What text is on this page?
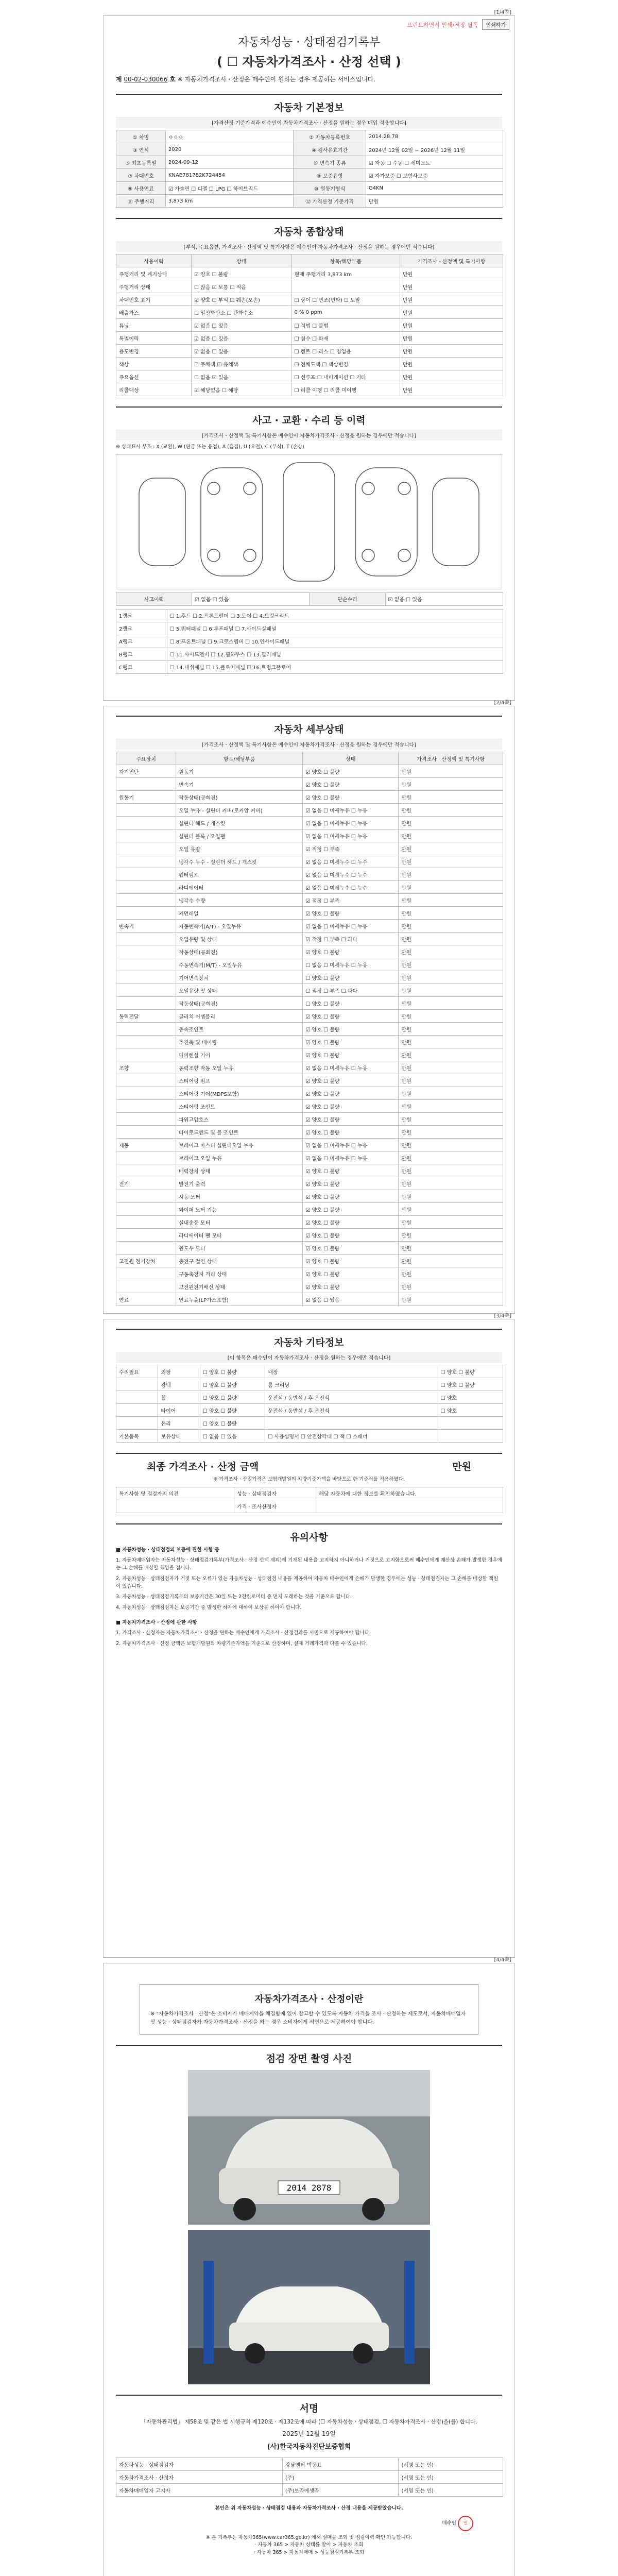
[1/4쪽]
프린트하면서 인쇄/저장 필독	인쇄하기
자동차성능 · 상태점검기록부
( ☐ 자동차가격조사 · 산정 선택 )
제 00-02-030066 호 ※ 자동차가격조사 · 산정은 매수인이 원하는 경우 제공하는 서비스입니다.
자동차 기본정보
[가격산정 기준가격과 예수인이 자동차가격조사 · 산정을 원하는 경우 매입 적용합니다]
① 차명	ㅇㅇㅇ	② 자동차등록번호	2014.28.78
③ 연식	2020	④ 검사유효기간	2024년 12월 02일 ~ 2026년 12월 11일
⑤ 최초등록일	2024-09-12	⑥ 변속기 종류	☑ 자동 ☐ 수동 ☐ 세미오토
⑦ 차대번호	KNAE781782K724454	⑧ 보증유형	☑ 자가보증 ☐ 보험사보증
⑨ 사용연료	☑ 가솔린 ☐ 디젤 ☐ LPG ☐ 하이브리드	⑩ 원동기형식	G4KN
⑪ 주행거리	3,873 km	⑫ 가격산정 기준가격	만원
자동차 종합상태
[부식, 주요옵션, 가격조사 · 산정액 및 특기사항은 예수인이 자동차가격조사 · 산정을 원하는 경우에만 적습니다]
사용이력	상태	항목/해당부품	가격조사 · 산정액 및 특기사항
주행거리 및 계기상태	☑ 양호 ☐ 불량	현재 주행거리 3,873 km	만원
주행거리 상태	☐ 많음 ☑ 보통 ☐ 적음		만원
차대번호 표기	☑ 양호 ☐ 부식 ☐ 훼손(오손)	☐ 상이 ☐ 변조(변타) ☐ 도말	만원
배출가스	☐ 일산화탄소 ☐ 탄화수소	0 % 0 ppm	만원
튜닝	☑ 없음 ☐ 있음	☐ 적법 ☐ 불법	만원
특별이력	☑ 없음 ☐ 있음	☐ 침수 ☐ 화재	만원
용도변경	☑ 없음 ☐ 있음	☐ 렌트 ☐ 리스 ☐ 영업용	만원
색상	☐ 무채색 ☑ 유채색	☐ 전체도색 ☐ 색상변경	만원
주요옵션	☐ 없음 ☑ 있음	☐ 선루프 ☐ 내비게이션 ☐ 기타	만원
리콜대상	☑ 해당없음 ☐ 해당	☐ 리콜 이행 ☐ 리콜 미이행	만원
사고 · 교환 · 수리 등 이력
[가격조사 · 산정액 및 특기사항은 예수인이 자동차가격조사 · 산정을 원하는 경우에만 적습니다]
※ 상태표시 부호 : X (교환), W (판금 또는 용접), A (흠집), U (요철), C (부식), T (손상)
사고이력	☑ 없음 ☐ 있음	단순수리	☑ 없음 ☐ 있음
1랭크	☐ 1.후드 ☐ 2.프론트펜더 ☐ 3.도어 ☐ 4.트렁크리드
2랭크	☐ 5.쿼터패널 ☐ 6.루프패널 ☐ 7.사이드실패널
A랭크	☐ 8.프론트패널 ☐ 9.크로스멤버 ☐ 10.인사이드패널
B랭크	☐ 11.사이드멤버 ☐ 12.휠하우스 ☐ 13.필러패널
C랭크	☐ 14.대쉬패널 ☐ 15.플로어패널 ☐ 16.트렁크플로어
[2/4쪽]
자동차 세부상태
[가격조사 · 산정액 및 특기사항은 예수인이 자동차가격조사 · 산정을 원하는 경우에만 적습니다]
주요장치	항목/해당부품	상태	가격조사 · 산정액 및 특기사항
자기진단	원동기	☑ 양호 ☐ 불량	만원
	변속기	☑ 양호 ☐ 불량	만원
원동기	작동상태(공회전)	☑ 양호 ☐ 불량	만원
	오일 누유 - 실린더 커버(로커암 커버)	☑ 없음 ☐ 미세누유 ☐ 누유	만원
	실린더 헤드 / 개스킷	☑ 없음 ☐ 미세누유 ☐ 누유	만원
	실린더 블록 / 오일팬	☑ 없음 ☐ 미세누유 ☐ 누유	만원
	오일 유량	☑ 적정 ☐ 부족	만원
	냉각수 누수 - 실린더 헤드 / 개스킷	☑ 없음 ☐ 미세누수 ☐ 누수	만원
	워터펌프	☑ 없음 ☐ 미세누수 ☐ 누수	만원
	라디에이터	☑ 없음 ☐ 미세누수 ☐ 누수	만원
	냉각수 수량	☑ 적정 ☐ 부족	만원
	커먼레일	☑ 양호 ☐ 불량	만원
변속기	자동변속기(A/T) - 오일누유	☑ 없음 ☐ 미세누유 ☐ 누유	만원
	오일유량 및 상태	☑ 적정 ☐ 부족 ☐ 과다	만원
	작동상태(공회전)	☑ 양호 ☐ 불량	만원
	수동변속기(M/T) - 오일누유	☐ 없음 ☐ 미세누유 ☐ 누유	만원
	기어변속장치	☐ 양호 ☐ 불량	만원
	오일유량 및 상태	☐ 적정 ☐ 부족 ☐ 과다	만원
	작동상태(공회전)	☐ 양호 ☐ 불량	만원
동력전달	클러치 어셈블리	☑ 양호 ☐ 불량	만원
	등속조인트	☑ 양호 ☐ 불량	만원
	추진축 및 베어링	☑ 양호 ☐ 불량	만원
	디퍼렌셜 기어	☑ 양호 ☐ 불량	만원
조향	동력조향 작동 오일 누유	☑ 없음 ☐ 미세누유 ☐ 누유	만원
	스티어링 펌프	☑ 양호 ☐ 불량	만원
	스티어링 기어(MDPS포함)	☑ 양호 ☐ 불량	만원
	스티어링 조인트	☑ 양호 ☐ 불량	만원
	파워고압호스	☑ 양호 ☐ 불량	만원
	타이로드엔드 및 볼 조인트	☑ 양호 ☐ 불량	만원
제동	브레이크 마스터 실린더오일 누유	☑ 없음 ☐ 미세누유 ☐ 누유	만원
	브레이크 오일 누유	☑ 없음 ☐ 미세누유 ☐ 누유	만원
	배력장치 상태	☑ 양호 ☐ 불량	만원
전기	발전기 출력	☑ 양호 ☐ 불량	만원
	시동 모터	☑ 양호 ☐ 불량	만원
	와이퍼 모터 기능	☑ 양호 ☐ 불량	만원
	실내송풍 모터	☑ 양호 ☐ 불량	만원
	라디에이터 팬 모터	☑ 양호 ☐ 불량	만원
	윈도우 모터	☑ 양호 ☐ 불량	만원
고전원 전기장치	충전구 절연 상태	☑ 양호 ☐ 불량	만원
	구동축전지 격리 상태	☑ 양호 ☐ 불량	만원
	고전원전기배선 상태	☑ 양호 ☐ 불량	만원
연료	연료누출(LP가스포함)	☑ 없음 ☐ 있음	만원
[3/4쪽]
자동차 기타정보
[이 항목은 매수인이 자동차가격조사 · 산정을 원하는 경우에만 적습니다]
수리필요	외장	☐ 양호 ☐ 불량	내장	☐ 양호 ☐ 불량
	광택	☐ 양호 ☐ 불량	룸 크리닝	☐ 양호 ☐ 불량
	휠	☐ 양호 ☐ 불량	운전석 / 동반석 / 후 운전석	☐ 양호
	타이어	☐ 양호 ☐ 불량	운전석 / 동반석 / 후 운전석	☐ 양호
	유리	☐ 양호 ☐ 불량		
기본품목	보유상태	☐ 없음 ☐ 있음	☐ 사용설명서 ☐ 안전삼각대 ☐ 잭 ☐ 스패너	
최종 가격조사 · 산정 금액	만원
※ 가격조사 · 산정가격은 보험개발원의 차량기준가액을 바탕으로 한 기준서를 적용하였다.
특기사항 및 점검자의 의견	성능 · 상태점검자	해당 자동차에 대한 정보를 확인하였습니다.
	가격 · 조사산정자	
유의사항
■ 자동차성능 · 상태점검의 보증에 관한 사항 등
1. 자동차매매업자는 자동차성능 · 상태점검기록부(가격조사 · 산정 선택 제외)에 기재된 내용을 고지하지 아니하거나 거짓으로 고지함으로써 매수인에게 재산상 손해가 발생한 경우에는 그 손해를 배상할 책임을 집니다.
2. 자동차성능 · 상태점검자가 거짓 또는 오류가 있는 자동차성능 · 상태점검 내용을 제공하여 자동차 매수인에게 손해가 발생한 경우에는 성능 · 상태점검자는 그 손해를 배상할 책임이 있습니다.
3. 자동차성능 · 상태점검기록부의 보증기간은 30일 또는 2천킬로미터 중 먼저 도래하는 것을 기준으로 합니다.
4. 자동차성능 · 상태점검자는 보증기간 중 발생한 하자에 대하여 보상을 하여야 합니다.
■ 자동차가격조사 · 산정에 관한 사항
1. 가격조사 · 산정자는 자동차가격조사 · 산정을 원하는 매수인에게 가격조사 · 산정결과를 서면으로 제공하여야 합니다.
2. 자동차가격조사 · 산정 금액은 보험개발원의 차량기준가액을 기준으로 산정하며, 실제 거래가격과 다를 수 있습니다.
[4/4쪽]
자동차가격조사 · 산정이란
※ "자동차가격조사 · 산정"은 소비자가 매매계약을 체결함에 있어 참고할 수 있도록 자동차 가격을 조사 · 산정하는 제도로서, 자동차매매업자 및 성능 · 상태점검자가 자동차가격조사 · 산정을 하는 경우 소비자에게 서면으로 제공하여야 합니다.
점검 장면 촬영 사진
2014 2878
서명
「자동차관리법」 제58조 및 같은 법 시행규칙 제120조 · 제132조에 따라 (☐ 자동차성능 · 상태점검, ☐ 자동차가격조사 · 산정)을(를) 합니다.
2025년 12월 19일
(사)한국자동차진단보증협회
자동차성능 · 상태점검자	강남엔터 박동표	(서명 또는 인)
자동차가격조사 · 산정자	(주)	(서명 또는 인)
자동차매매업자 고지자	(주)보라에셋라	(서명 또는 인)
본인은 위 자동차성능 · 상태점검 내용과 자동차가격조사 · 산정 내용을 제공받았습니다.
매수인 인
※ 본 기록부는 자동차365(www.car365.go.kr) 에서 실매물 조회 및 점검이력 확인 가능합니다.
· 자동차 365 > 자동차 상태를 알아 > 자동차 조회
· 자동차 365 > 자동차매매 > 성능점검기록부 조회
